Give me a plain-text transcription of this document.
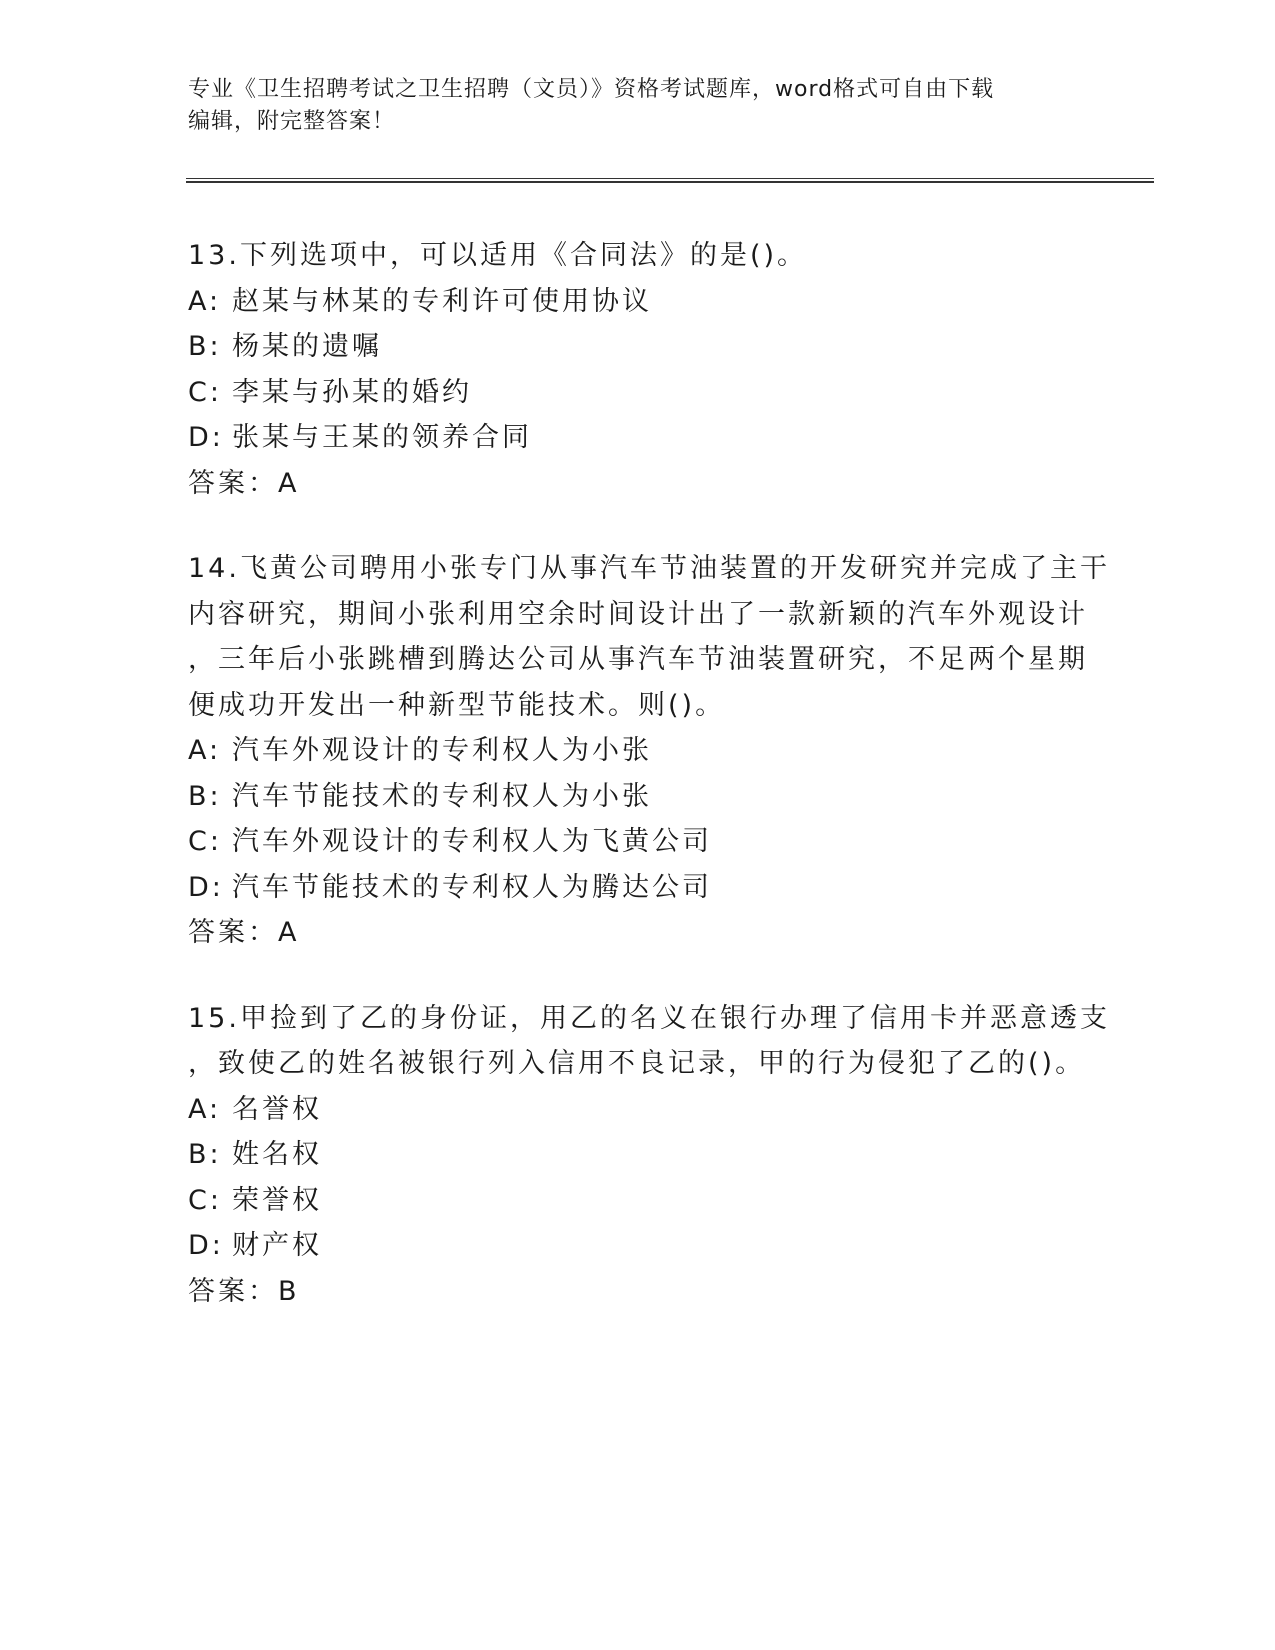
专业《卫生招聘考试之卫生招聘（文员）》资格考试题库，word格式可自由下载
编辑，附完整答案！
13.下列选项中，可以适用《合同法》的是()。
A: 赵某与林某的专利许可使用协议
B: 杨某的遗嘱
C: 李某与孙某的婚约
D: 张某与王某的领养合同
答案：A
14.飞黄公司聘用小张专门从事汽车节油装置的开发研究并完成了主干
内容研究，期间小张利用空余时间设计出了一款新颖的汽车外观设计
，三年后小张跳槽到腾达公司从事汽车节油装置研究，不足两个星期
便成功开发出一种新型节能技术。则()。
A: 汽车外观设计的专利权人为小张
B: 汽车节能技术的专利权人为小张
C: 汽车外观设计的专利权人为飞黄公司
D: 汽车节能技术的专利权人为腾达公司
答案：A
15.甲捡到了乙的身份证，用乙的名义在银行办理了信用卡并恶意透支
，致使乙的姓名被银行列入信用不良记录，甲的行为侵犯了乙的()。
A: 名誉权
B: 姓名权
C: 荣誉权
D: 财产权
答案：B
